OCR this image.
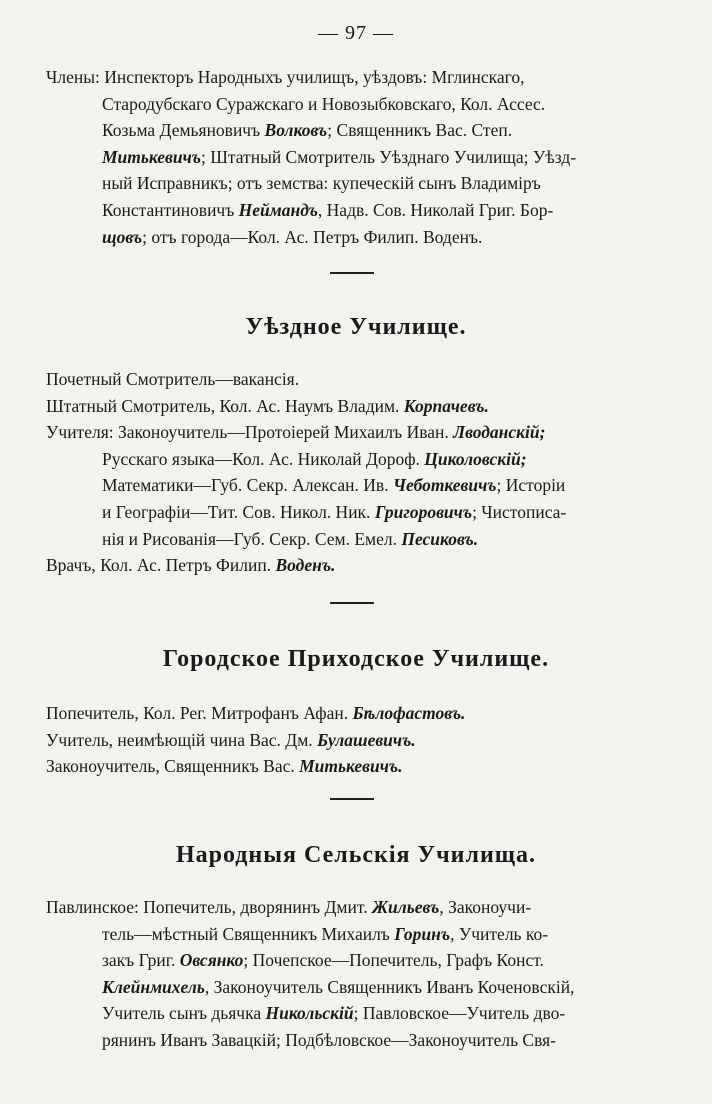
— 97 —
Члены: Инспекторъ Народныхъ училищъ, уѣздовъ: Мглинскаго,
Стародубскаго Суражскаго и Новозыбковскаго, Кол. Ассес.
Козьма Демьяновичъ Волковъ; Священникъ Вас. Степ.
Митькевичъ; Штатный Смотритель Уѣзднаго Училища; Уѣзд-
ный Исправникъ; отъ земства: купеческій сынъ Владиміръ
Константиновичъ Неймандъ, Надв. Сов. Николай Григ. Бор-
щовъ; отъ города—Кол. Ас. Петръ Филип. Воденъ.
Уѣздное Училище.
Почетный Смотритель—вакансія.
Штатный Смотритель, Кол. Ас. Наумъ Владим. Корпачевъ.
Учителя: Законоучитель—Протоіерей Михаилъ Иван. Лводанскій;
Русскаго языка—Кол. Ас. Николай Дороф. Циколовскій;
Математики—Губ. Секр. Алексан. Ив. Чеботкевичъ; Исторіи
и Географіи—Тит. Сов. Никол. Ник. Григоровичъ; Чистописа-
нія и Рисованія—Губ. Секр. Сем. Емел. Песиковъ.
Врачъ, Кол. Ас. Петръ Филип. Воденъ.
Городское Приходское Училище.
Попечитель, Кол. Рег. Митрофанъ Афан. Бѣлофастовъ.
Учитель, неимѣющій чина Вас. Дм. Булашевичъ.
Законоучитель, Священникъ Вас. Митькевичъ.
Народныя Сельскія Училища.
Павлинское: Попечитель, дворянинъ Дмит. Жильевъ, Законоучи-
тель—мѣстный Священникъ Михаилъ Горинъ, Учитель ко-
закъ Григ. Овсянко; Почепское—Попечитель, Графъ Конст.
Клейнмихель, Законоучитель Священникъ Иванъ Коченовскій,
Учитель сынъ дьячка Никольскій; Павловское—Учитель дво-
рянинъ Иванъ Завацкій; Подбѣловское—Законоучитель Свя-
